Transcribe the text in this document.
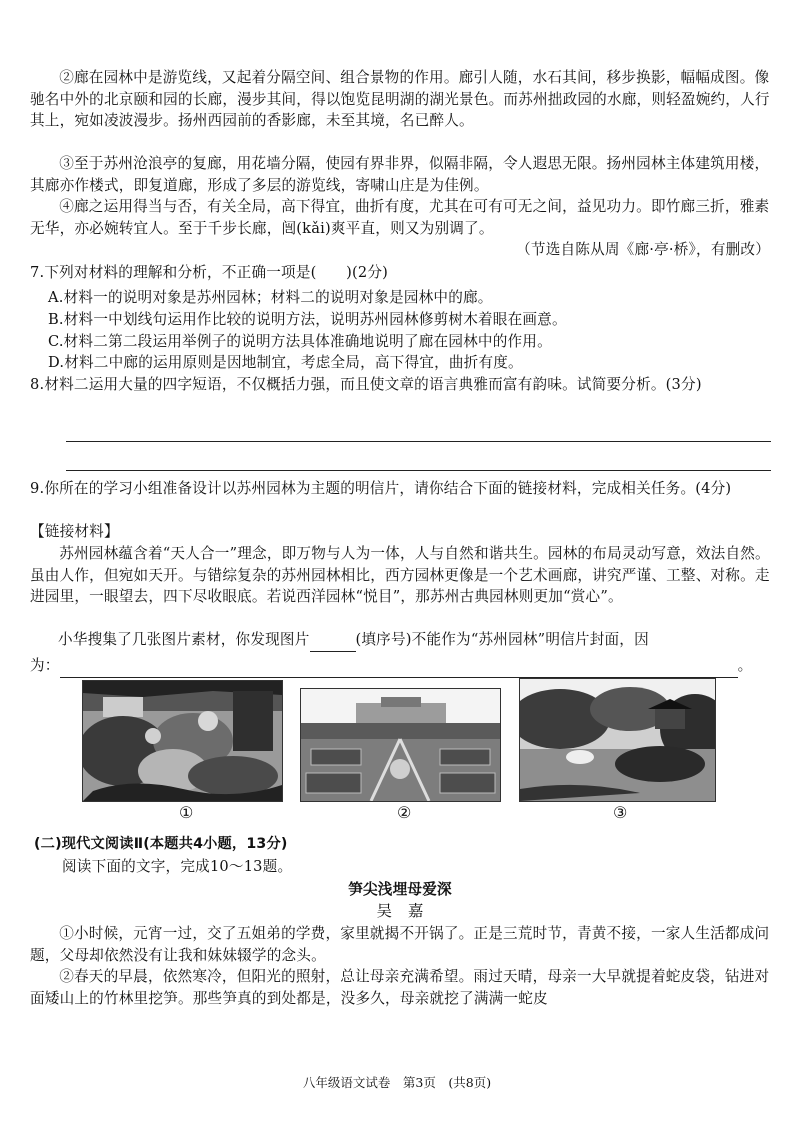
②廊在园林中是游览线，又起着分隔空间、组合景物的作用。廊引人随，水石其间，移步换影，幅幅成图。像驰名中外的北京颐和园的长廊，漫步其间，得以饱览昆明湖的湖光景色。而苏州拙政园的水廊，则轻盈婉约，人行其上，宛如凌波漫步。扬州西园前的香影廊，未至其境，名已醉人。
③至于苏州沧浪亭的复廊，用花墙分隔，使园有界非界，似隔非隔，令人遐思无限。扬州园林主体建筑用楼，其廊亦作楼式，即复道廊，形成了多层的游览线，寄啸山庄是为佳例。
④廊之运用得当与否，有关全局，高下得宜，曲折有度，尤其在可有可无之间，益见功力。即竹廊三折，雅素无华，亦必婉转宜人。至于千步长廊，闿(kǎi)爽平直，则又为别调了。
（节选自陈从周《廊·亭·桥》，有删改）
7.下列对材料的理解和分析，不正确一项是(　　)(2分)
A.材料一的说明对象是苏州园林；材料二的说明对象是园林中的廊。
B.材料一中划线句运用作比较的说明方法，说明苏州园林修剪树木着眼在画意。
C.材料二第二段运用举例子的说明方法具体准确地说明了廊在园林中的作用。
D.材料二中廊的运用原则是因地制宜，考虑全局，高下得宜，曲折有度。
8.材料二运用大量的四字短语，不仅概括力强，而且使文章的语言典雅而富有韵味。试简要分析。(3分)
9.你所在的学习小组准备设计以苏州园林为主题的明信片，请你结合下面的链接材料，完成相关任务。(4分)
【链接材料】
苏州园林蕴含着“天人合一”理念，即万物与人为一体，人与自然和谐共生。园林的布局灵动写意，效法自然。虽由人作，但宛如天开。与错综复杂的苏州园林相比，西方园林更像是一个艺术画廊，讲究严谨、工整、对称。走进园里，一眼望去，四下尽收眼底。若说西洋园林“悦目”，那苏州古典园林则更加“赏心”。
小华搜集了几张图片素材，你发现图片	(填序号)不能作为“苏州园林”明信片封面，因
为：	。
①	②	③
(二)现代文阅读Ⅱ(本题共4小题，13分)
阅读下面的文字，完成10～13题。
笋尖浅埋母爱深
吴　嘉
①小时候，元宵一过，交了五姐弟的学费，家里就揭不开锅了。正是三荒时节，青黄不接，一家人生活都成问题，父母却依然没有让我和妹妹辍学的念头。
②春天的早晨，依然寒冷，但阳光的照射，总让母亲充满希望。雨过天晴，母亲一大早就提着蛇皮袋，钻进对面矮山上的竹林里挖笋。那些笋真的到处都是，没多久，母亲就挖了满满一蛇皮
八年级语文试卷　第3页　(共8页)
